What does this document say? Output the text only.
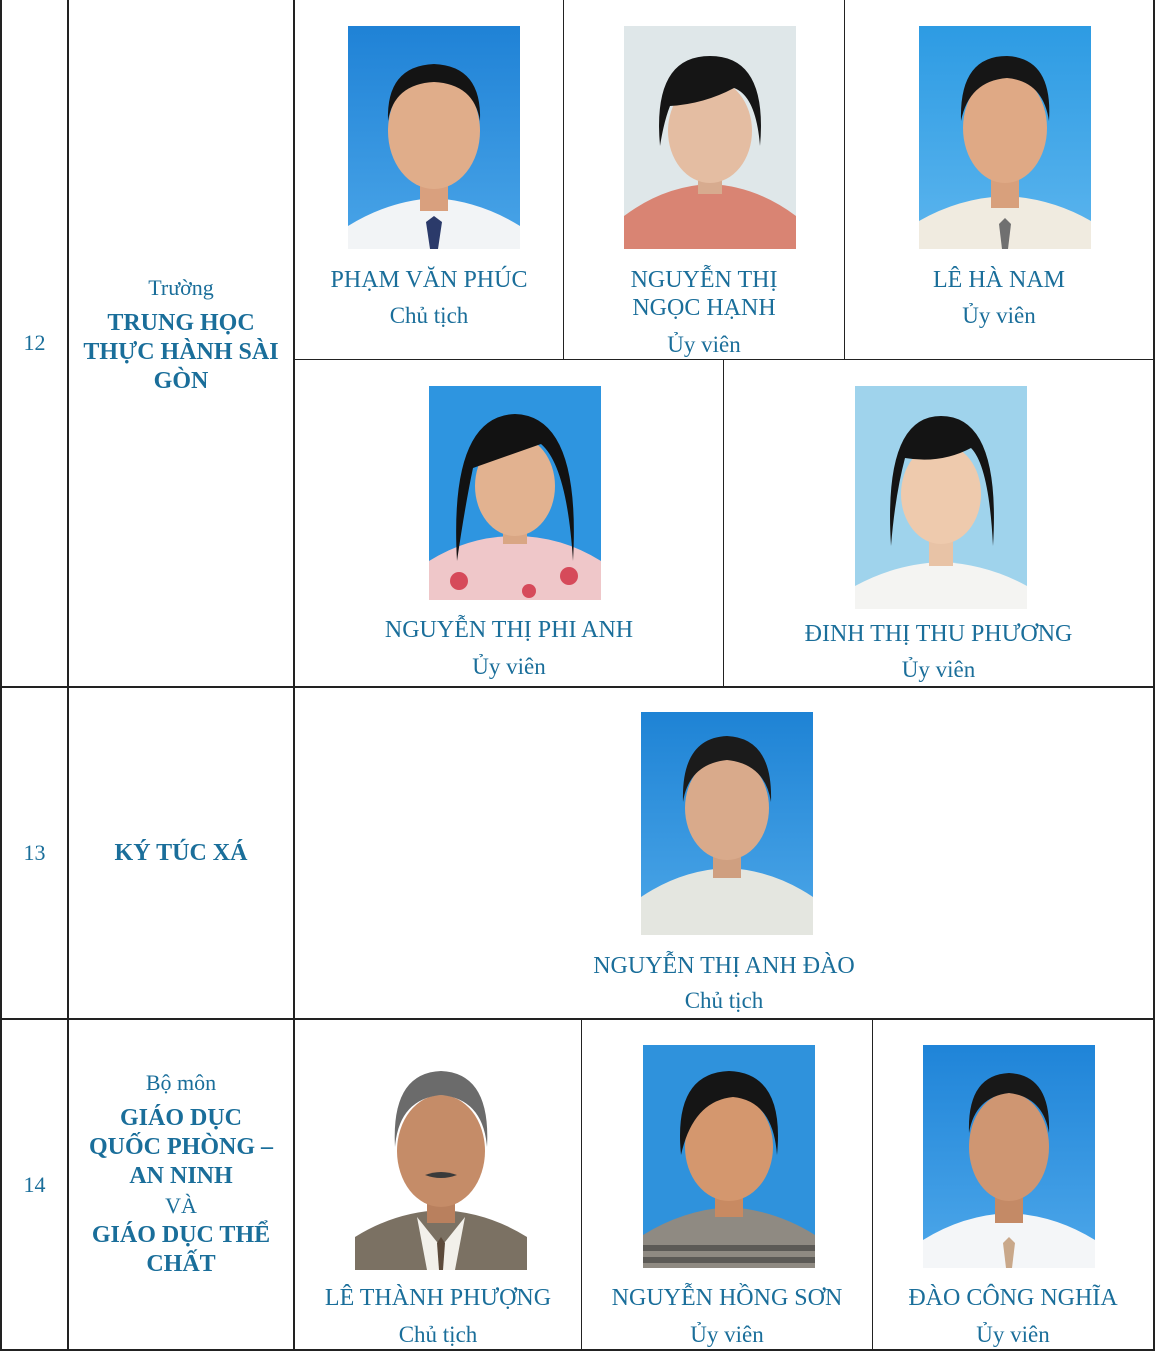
12
Trường
TRUNG HỌC
THỰC HÀNH SÀI
GÒN
PHẠM VĂN PHÚC
Chủ tịch
NGUYỄN THỊ NGỌC HẠNH
Ủy viên
LÊ HÀ NAM
Ủy viên
NGUYỄN THỊ PHI ANH
Ủy viên
ĐINH THỊ THU PHƯƠNG
Ủy viên
13	KÝ TÚC XÁ
NGUYỄN THỊ ANH ĐÀO
Chủ tịch
14
Bộ môn
GIÁO DỤC
QUỐC PHÒNG –
AN NINH
VÀ
GIÁO DỤC THỂ
CHẤT
LÊ THÀNH PHƯỢNG
Chủ tịch
NGUYỄN HỒNG SƠN
Ủy viên
ĐÀO CÔNG NGHĨA
Ủy viên
